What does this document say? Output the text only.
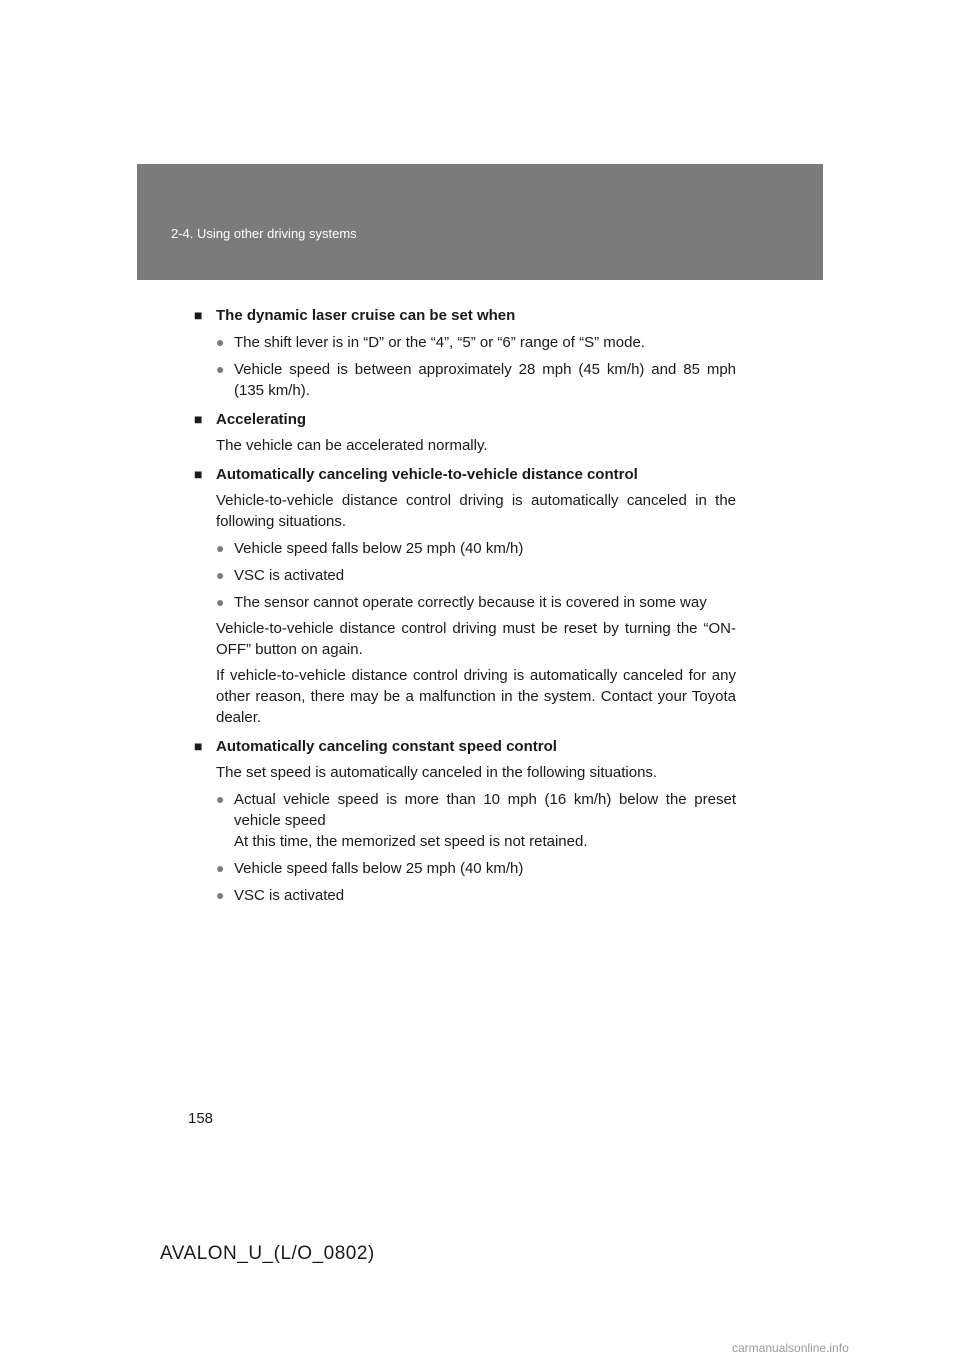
2-4. Using other driving systems
■ The dynamic laser cruise can be set when
● The shift lever is in “D” or the “4”, “5” or “6” range of “S” mode.
● Vehicle speed is between approximately 28 mph (45 km/h) and 85 mph (135 km/h).
■ Accelerating

The vehicle can be accelerated normally.

■ Automatically canceling vehicle-to-vehicle distance control

Vehicle-to-vehicle distance control driving is automatically canceled in the following situations.

● Vehicle speed falls below 25 mph (40 km/h)
● VSC is activated
● The sensor cannot operate correctly because it is covered in some way

Vehicle-to-vehicle distance control driving must be reset by turning the “ON-OFF” button on again.

If vehicle-to-vehicle distance control driving is automatically canceled for any other reason, there may be a malfunction in the system. Contact your Toyota dealer.

■ Automatically canceling constant speed control

The set speed is automatically canceled in the following situations.

● Actual vehicle speed is more than 10 mph (16 km/h) below the preset vehicle speed
At this time, the memorized set speed is not retained.
● Vehicle speed falls below 25 mph (40 km/h)
● VSC is activated
158
AVALON_U_(L/O_0802)
carmanualsonline.info
